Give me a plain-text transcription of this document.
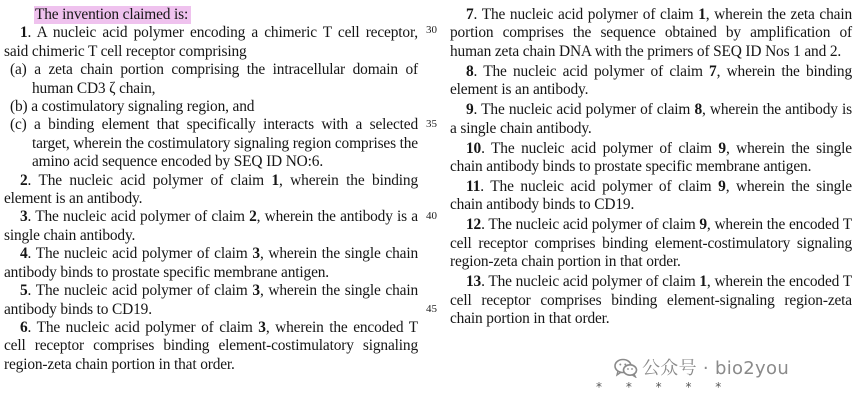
The invention claimed is:

1. A nucleic acid polymer encoding a chimeric T cell receptor, said chimeric T cell receptor comprising

(a) a zeta chain portion comprising the intracellular domain of human CD3 ζ chain,

(b) a costimulatory signaling region, and

(c) a binding element that specifically interacts with a selected target, wherein the costimulatory signaling region comprises the amino acid sequence encoded by SEQ ID NO:6.

2. The nucleic acid polymer of claim 1, wherein the binding element is an antibody.

3. The nucleic acid polymer of claim 2, wherein the antibody is a single chain antibody.

4. The nucleic acid polymer of claim 3, wherein the single chain antibody binds to prostate specific membrane antigen.

5. The nucleic acid polymer of claim 3, wherein the single chain antibody binds to CD19.

6. The nucleic acid polymer of claim 3, wherein the encoded T cell receptor comprises binding element-costimulatory signaling region-zeta chain portion in that order.

30
35
40
45

7. The nucleic acid polymer of claim 1, wherein the zeta chain portion comprises the sequence obtained by amplification of human zeta chain DNA with the primers of SEQ ID Nos 1 and 2.

8. The nucleic acid polymer of claim 7, wherein the binding element is an antibody.

9. The nucleic acid polymer of claim 8, wherein the antibody is a single chain antibody.

10. The nucleic acid polymer of claim 9, wherein the single chain antibody binds to prostate specific membrane antigen.

11. The nucleic acid polymer of claim 9, wherein the single chain antibody binds to CD19.

12. The nucleic acid polymer of claim 9, wherein the encoded T cell receptor comprises binding element-costimulatory signaling region-zeta chain portion in that order.

13. The nucleic acid polymer of claim 1, wherein the encoded T cell receptor comprises binding element-signaling region-zeta chain portion in that order.

公众号 · bio2you
* * * * *
